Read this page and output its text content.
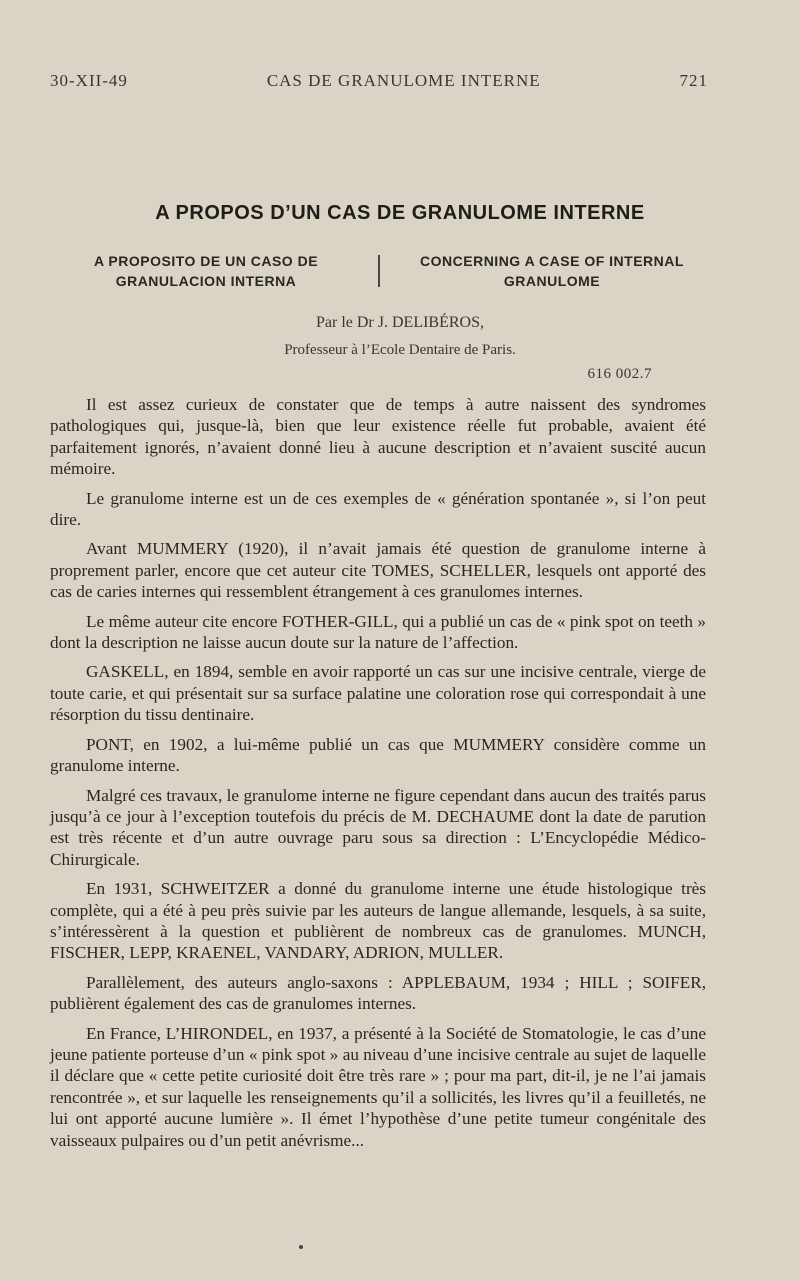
30-XII-49	CAS DE GRANULOME INTERNE	721
A PROPOS D’UN CAS DE GRANULOME INTERNE
A PROPOSITO DE UN CASO DE
GRANULACION INTERNA
CONCERNING A CASE OF INTERNAL
GRANULOME
Par le Dr J. DELIBÉROS,
Professeur à l’Ecole Dentaire de Paris.
616 002.7

Il est assez curieux de constater que de temps à autre naissent des syndromes pathologiques qui, jusque-là, bien que leur existence réelle fut probable, avaient été parfaitement ignorés, n’avaient donné lieu à aucune description et n’avaient suscité aucun mémoire.

Le granulome interne est un de ces exemples de « génération spontanée », si l’on peut dire.

Avant MUMMERY (1920), il n’avait jamais été question de granulome interne à proprement parler, encore que cet auteur cite TOMES, SCHELLER, lesquels ont apporté des cas de caries internes qui ressemblent étrangement à ces granulomes internes.

Le même auteur cite encore FOTHER-GILL, qui a publié un cas de « pink spot on teeth » dont la description ne laisse aucun doute sur la nature de l’affection.

GASKELL, en 1894, semble en avoir rapporté un cas sur une incisive centrale, vierge de toute carie, et qui présentait sur sa surface palatine une coloration rose qui correspondait à une résorption du tissu dentinaire.

PONT, en 1902, a lui-même publié un cas que MUMMERY considère comme un granulome interne.

Malgré ces travaux, le granulome interne ne figure cependant dans aucun des traités parus jusqu’à ce jour à l’exception toutefois du précis de M. DECHAUME dont la date de parution est très récente et d’un autre ouvrage paru sous sa direction : L’Encyclopédie Médico-Chirurgicale.

En 1931, SCHWEITZER a donné du granulome interne une étude histologique très complète, qui a été à peu près suivie par les auteurs de langue allemande, lesquels, à sa suite, s’intéressèrent à la question et publièrent de nombreux cas de granulomes. MUNCH, FISCHER, LEPP, KRAENEL, VANDARY, ADRION, MULLER.

Parallèlement, des auteurs anglo-saxons : APPLEBAUM, 1934 ; HILL ; SOIFER, publièrent également des cas de granulomes internes.

En France, L’HIRONDEL, en 1937, a présenté à la Société de Stomatologie, le cas d’une jeune patiente porteuse d’un « pink spot » au niveau d’une incisive centrale au sujet de laquelle il déclare que « cette petite curiosité doit être très rare » ; pour ma part, dit-il, je ne l’ai jamais rencontrée », et sur laquelle les renseignements qu’il a sollicités, les livres qu’il a feuilletés, ne lui ont apporté aucune lumière ». Il émet l’hypothèse d’une petite tumeur congénitale des vaisseaux pulpaires ou d’un petit anévrisme...
